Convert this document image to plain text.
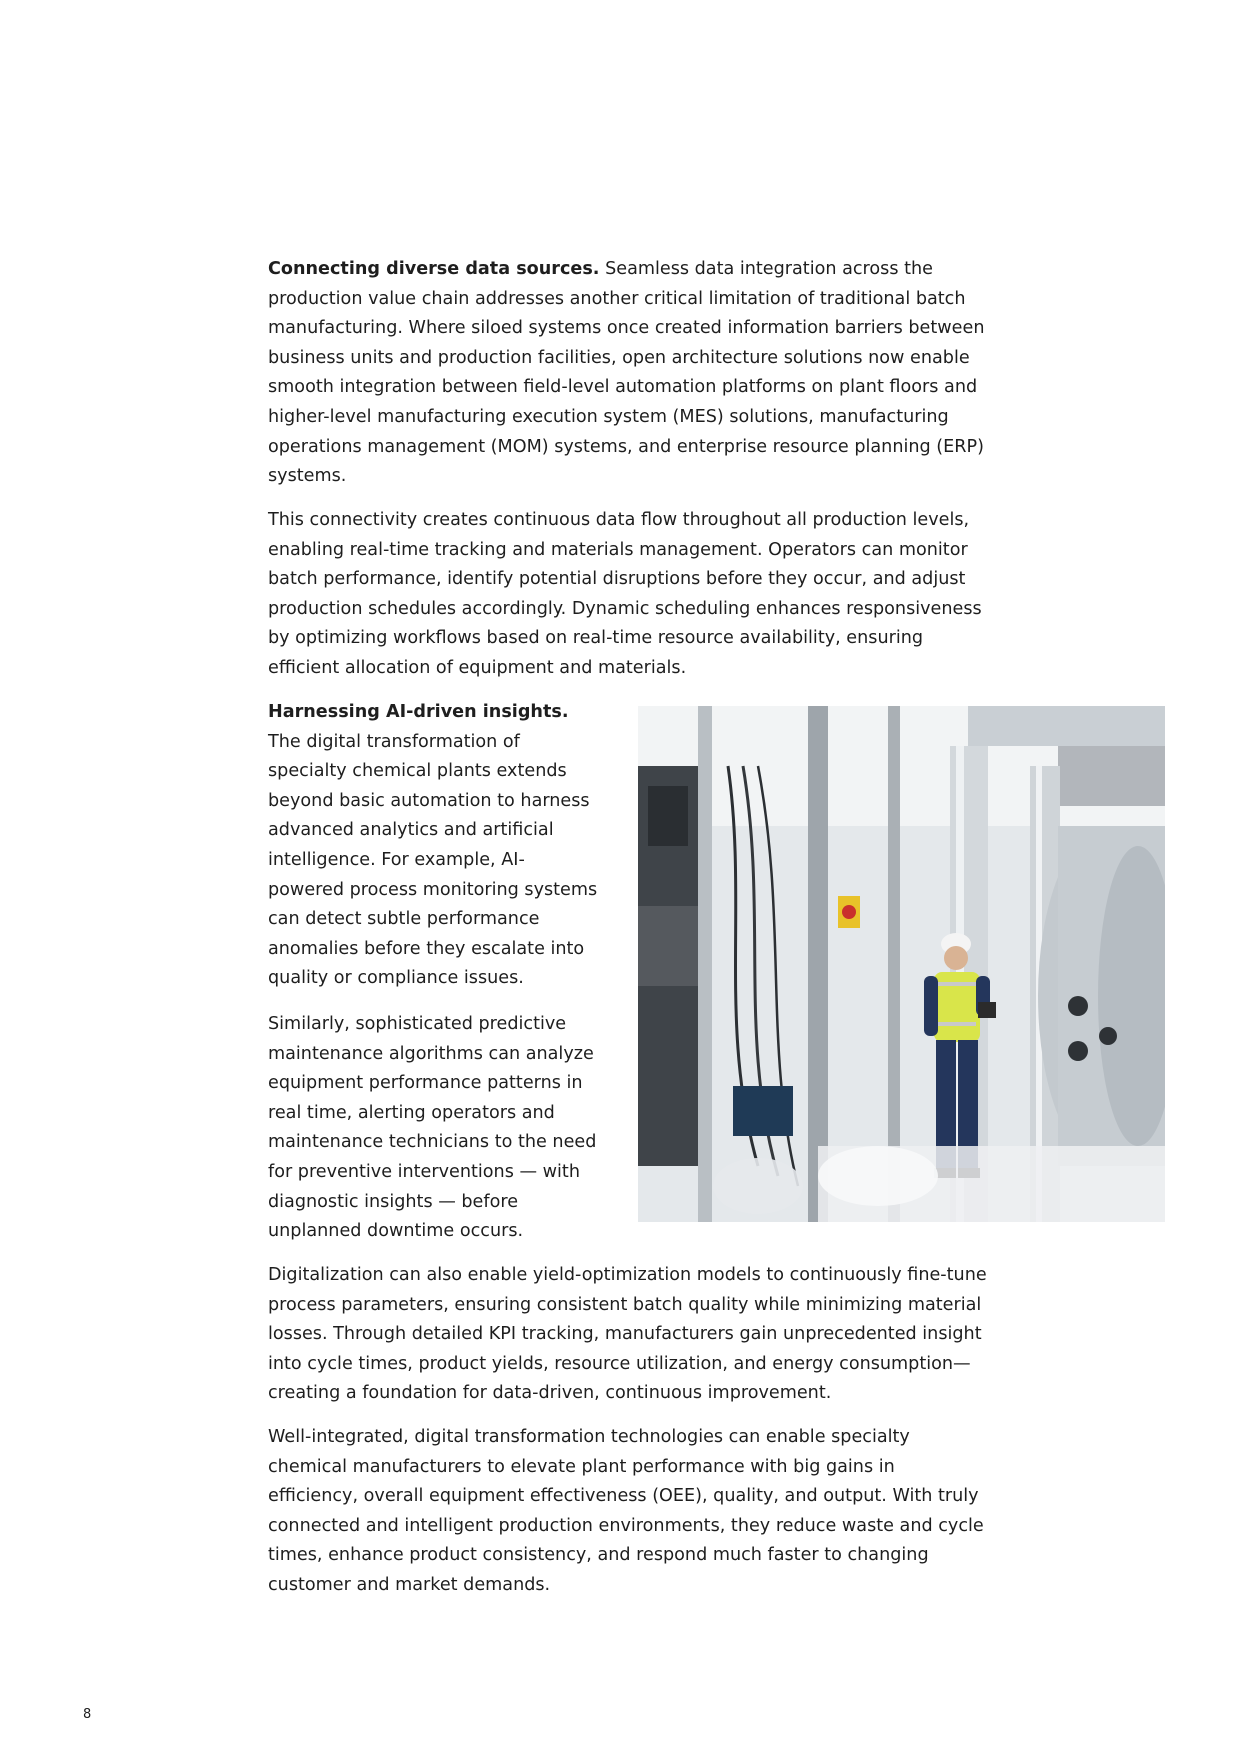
Connecting diverse data sources. Seamless data integration across the production value chain addresses another critical limitation of traditional batch manufacturing. Where siloed systems once created information barriers between business units and production facilities, open architecture solutions now enable smooth integration between field-level automation platforms on plant floors and higher-level manufacturing execution system (MES) solutions, manufacturing operations management (MOM) systems, and enterprise resource planning (ERP) systems.

This connectivity creates continuous data flow throughout all production levels, enabling real-time tracking and materials management. Operators can monitor batch performance, identify potential disruptions before they occur, and adjust production schedules accordingly. Dynamic scheduling enhances responsiveness by optimizing workflows based on real-time resource availability, ensuring efficient allocation of equipment and materials.

Harnessing AI-driven insights. The digital transformation of specialty chemical plants extends beyond basic automation to harness advanced analytics and artificial intelligence. For example, AI-powered process monitoring systems can detect subtle performance anomalies before they escalate into quality or compliance issues.

Similarly, sophisticated predictive maintenance algorithms can analyze equipment performance patterns in real time, alerting operators and maintenance technicians to the need for preventive interventions — with diagnostic insights — before unplanned downtime occurs.

Digitalization can also enable yield-optimization models to continuously fine-tune process parameters, ensuring consistent batch quality while minimizing material losses. Through detailed KPI tracking, manufacturers gain unprecedented insight into cycle times, product yields, resource utilization, and energy consumption—creating a foundation for data-driven, continuous improvement.

Well-integrated, digital transformation technologies can enable specialty chemical manufacturers to elevate plant performance with big gains in efficiency, overall equipment effectiveness (OEE), quality, and output. With truly connected and intelligent production environments, they reduce waste and cycle times, enhance product consistency, and respond much faster to changing customer and market demands.

8
